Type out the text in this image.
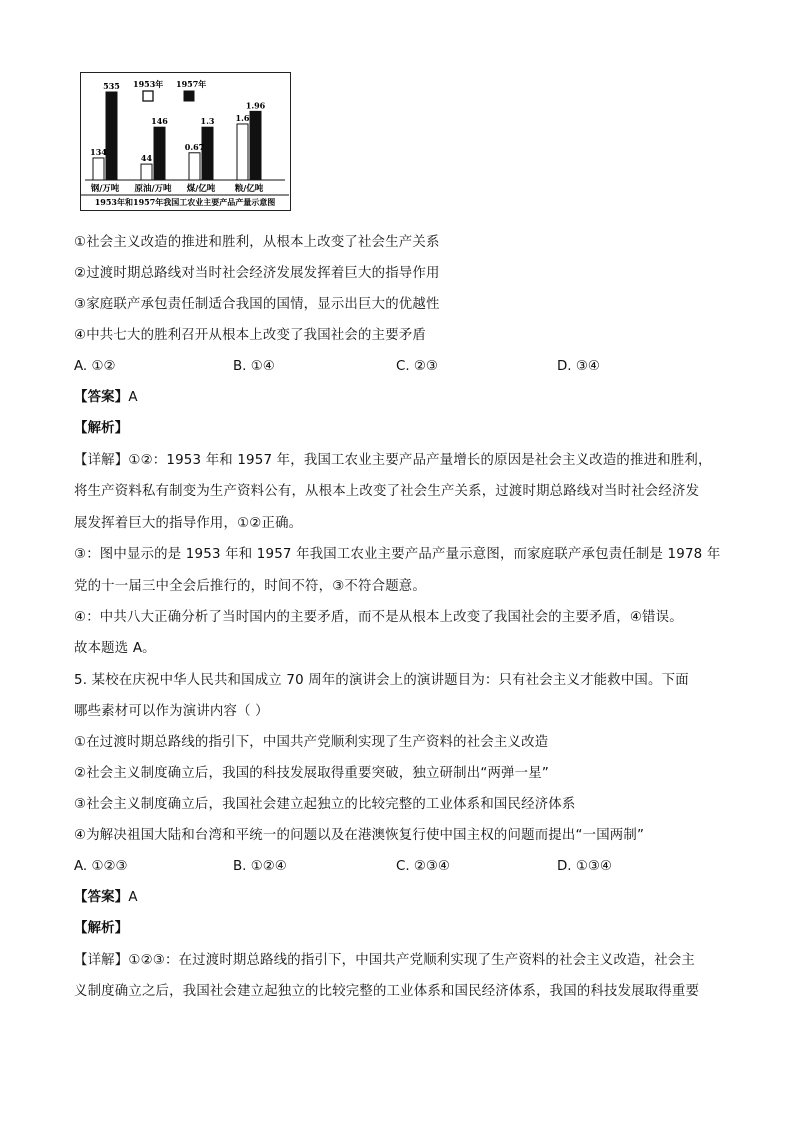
134
535
钢/万吨
44
146
原油/万吨
0.67
1.3
煤/亿吨
1.6
1.96
粮/亿吨
1953年 1957年
1953年和1957年我国工农业主要产品产量示意图
①社会主义改造的推进和胜利，从根本上改变了社会生产关系
②过渡时期总路线对当时社会经济发展发挥着巨大的指导作用
③家庭联产承包责任制适合我国的国情，显示出巨大的优越性
④中共七大的胜利召开从根本上改变了我国社会的主要矛盾
A. ①②	B. ①④	C. ②③	D. ③④
【答案】A
【解析】
【详解】①②：1953 年和 1957 年，我国工农业主要产品产量增长的原因是社会主义改造的推进和胜利，
将生产资料私有制变为生产资料公有，从根本上改变了社会生产关系，过渡时期总路线对当时社会经济发
展发挥着巨大的指导作用，①②正确。
③：图中显示的是 1953 年和 1957 年我国工农业主要产品产量示意图，而家庭联产承包责任制是 1978 年
党的十一届三中全会后推行的，时间不符，③不符合题意。
④：中共八大正确分析了当时国内的主要矛盾，而不是从根本上改变了我国社会的主要矛盾，④错误。
故本题选 A。
5. 某校在庆祝中华人民共和国成立 70 周年的演讲会上的演讲题目为：只有社会主义才能救中国。下面
哪些素材可以作为演讲内容（ ）
①在过渡时期总路线的指引下，中国共产党顺利实现了生产资料的社会主义改造
②社会主义制度确立后，我国的科技发展取得重要突破，独立研制出“两弹一星”
③社会主义制度确立后，我国社会建立起独立的比较完整的工业体系和国民经济体系
④为解决祖国大陆和台湾和平统一的问题以及在港澳恢复行使中国主权的问题而提出“一国两制”
A. ①②③	B. ①②④	C. ②③④	D. ①③④
【答案】A
【解析】
【详解】①②③：在过渡时期总路线的指引下，中国共产党顺利实现了生产资料的社会主义改造，社会主
义制度确立之后，我国社会建立起独立的比较完整的工业体系和国民经济体系，我国的科技发展取得重要
